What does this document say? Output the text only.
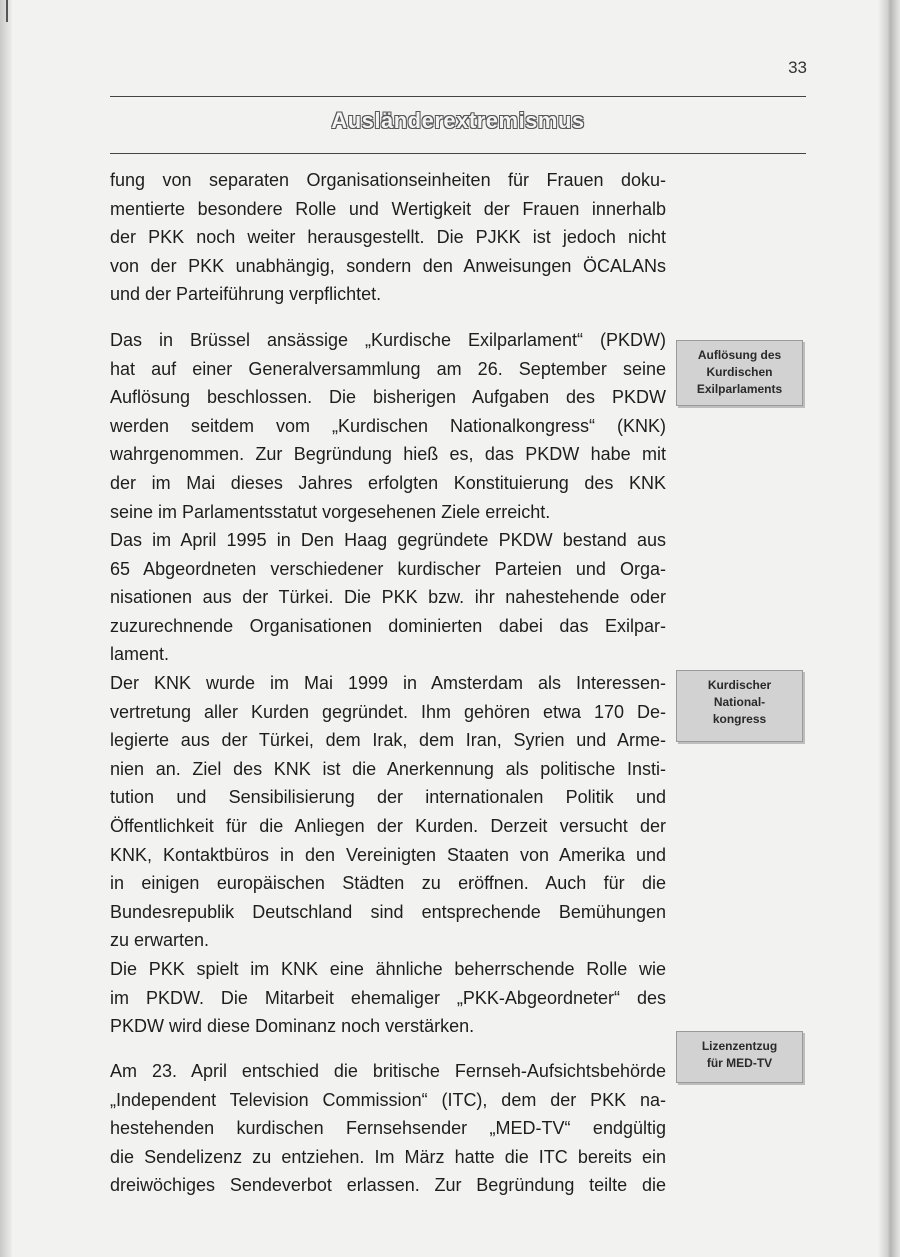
33
Ausländerextremismus

fung von separaten Organisationseinheiten für Frauen doku-
mentierte besondere Rolle und Wertigkeit der Frauen innerhalb
der PKK noch weiter herausgestellt. Die PJKK ist jedoch nicht
von der PKK unabhängig, sondern den Anweisungen ÖCALANs
und der Parteiführung verpflichtet.

Das in Brüssel ansässige „Kurdische Exilparlament“ (PKDW)
hat auf einer Generalversammlung am 26. September seine
Auflösung beschlossen. Die bisherigen Aufgaben des PKDW
werden seitdem vom „Kurdischen Nationalkongress“ (KNK)
wahrgenommen. Zur Begründung hieß es, das PKDW habe mit
der im Mai dieses Jahres erfolgten Konstituierung des KNK
seine im Parlamentsstatut vorgesehenen Ziele erreicht.

Das im April 1995 in Den Haag gegründete PKDW bestand aus
65 Abgeordneten verschiedener kurdischer Parteien und Orga-
nisationen aus der Türkei. Die PKK bzw. ihr nahestehende oder
zuzurechnende Organisationen dominierten dabei das Exilpar-
lament.

Der KNK wurde im Mai 1999 in Amsterdam als Interessen-
vertretung aller Kurden gegründet. Ihm gehören etwa 170 De-
legierte aus der Türkei, dem Irak, dem Iran, Syrien und Arme-
nien an. Ziel des KNK ist die Anerkennung als politische Insti-
tution und Sensibilisierung der internationalen Politik und
Öffentlichkeit für die Anliegen der Kurden. Derzeit versucht der
KNK, Kontaktbüros in den Vereinigten Staaten von Amerika und
in einigen europäischen Städten zu eröffnen. Auch für die
Bundesrepublik Deutschland sind entsprechende Bemühungen
zu erwarten.

Die PKK spielt im KNK eine ähnliche beherrschende Rolle wie
im PKDW. Die Mitarbeit ehemaliger „PKK-Abgeordneter“ des
PKDW wird diese Dominanz noch verstärken.

Am 23. April entschied die britische Fernseh-Aufsichtsbehörde
„Independent Television Commission“ (ITC), dem der PKK na-
hestehenden kurdischen Fernsehsender „MED-TV“ endgültig
die Sendelizenz zu entziehen. Im März hatte die ITC bereits ein
dreiwöchiges Sendeverbot erlassen. Zur Begründung teilte die

Auflösung des
Kurdischen
Exilparlaments
Kurdischer
National-
kongress
Lizenzentzug
für MED-TV
